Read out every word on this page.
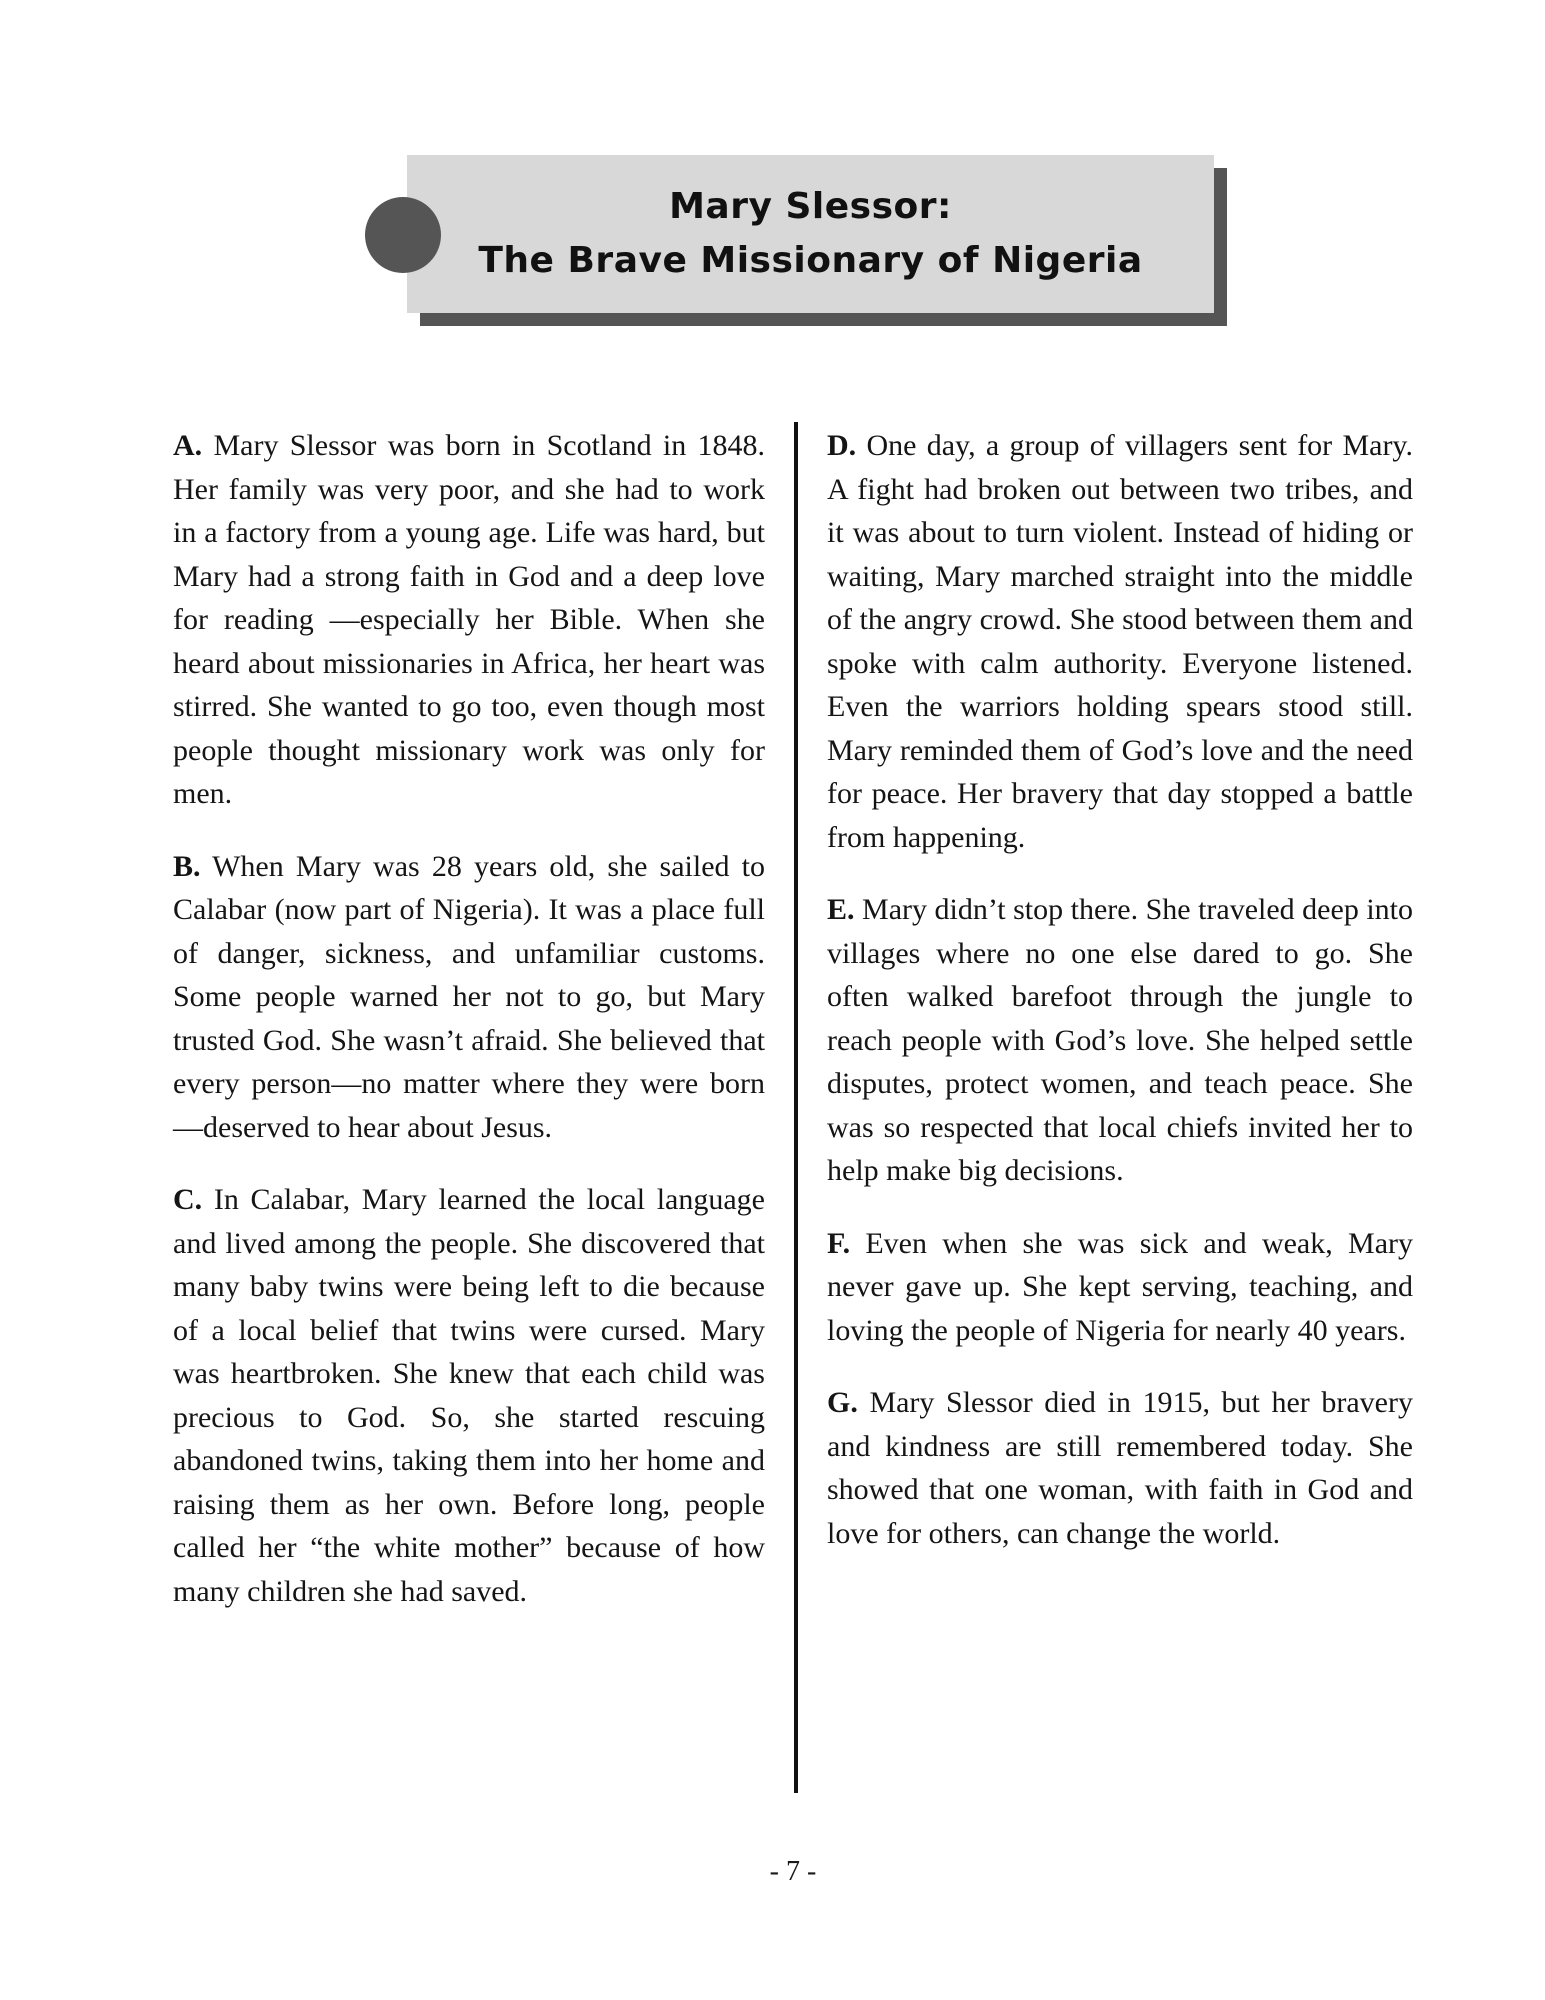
Mary Slessor:
The Brave Missionary of Nigeria

A. Mary Slessor was born in Scotland in 1848. Her family was very poor, and she had to work in a factory from a young age. Life was hard, but Mary had a strong faith in God and a deep love for reading —especially her Bible. When she heard about missionaries in Africa, her heart was stirred. She wanted to go too, even though most people thought missionary work was only for men.

B. When Mary was 28 years old, she sailed to Calabar (now part of Nigeria). It was a place full of danger, sickness, and unfamiliar customs. Some people warned her not to go, but Mary trusted God. She wasn’t afraid. She believed that every person—no matter where they were born —deserved to hear about Jesus.

C. In Calabar, Mary learned the local language and lived among the people. She discovered that many baby twins were being left to die because of a local belief that twins were cursed. Mary was heartbroken. She knew that each child was precious to God. So, she started rescuing abandoned twins, taking them into her home and raising them as her own. Before long, people called her “the white mother” because of how many children she had saved.

D. One day, a group of villagers sent for Mary. A fight had broken out between two tribes, and it was about to turn violent. Instead of hiding or waiting, Mary marched straight into the middle of the angry crowd. She stood between them and spoke with calm authority. Everyone listened. Even the warriors holding spears stood still. Mary reminded them of God’s love and the need for peace. Her bravery that day stopped a battle from happening.

E. Mary didn’t stop there. She traveled deep into villages where no one else dared to go. She often walked barefoot through the jungle to reach people with God’s love. She helped settle disputes, protect women, and teach peace. She was so respected that local chiefs invited her to help make big decisions.

F. Even when she was sick and weak, Mary never gave up. She kept serving, teaching, and loving the people of Nigeria for nearly 40 years.

G. Mary Slessor died in 1915, but her bravery and kindness are still remembered today. She showed that one woman, with faith in God and love for others, can change the world.

- 7 -
